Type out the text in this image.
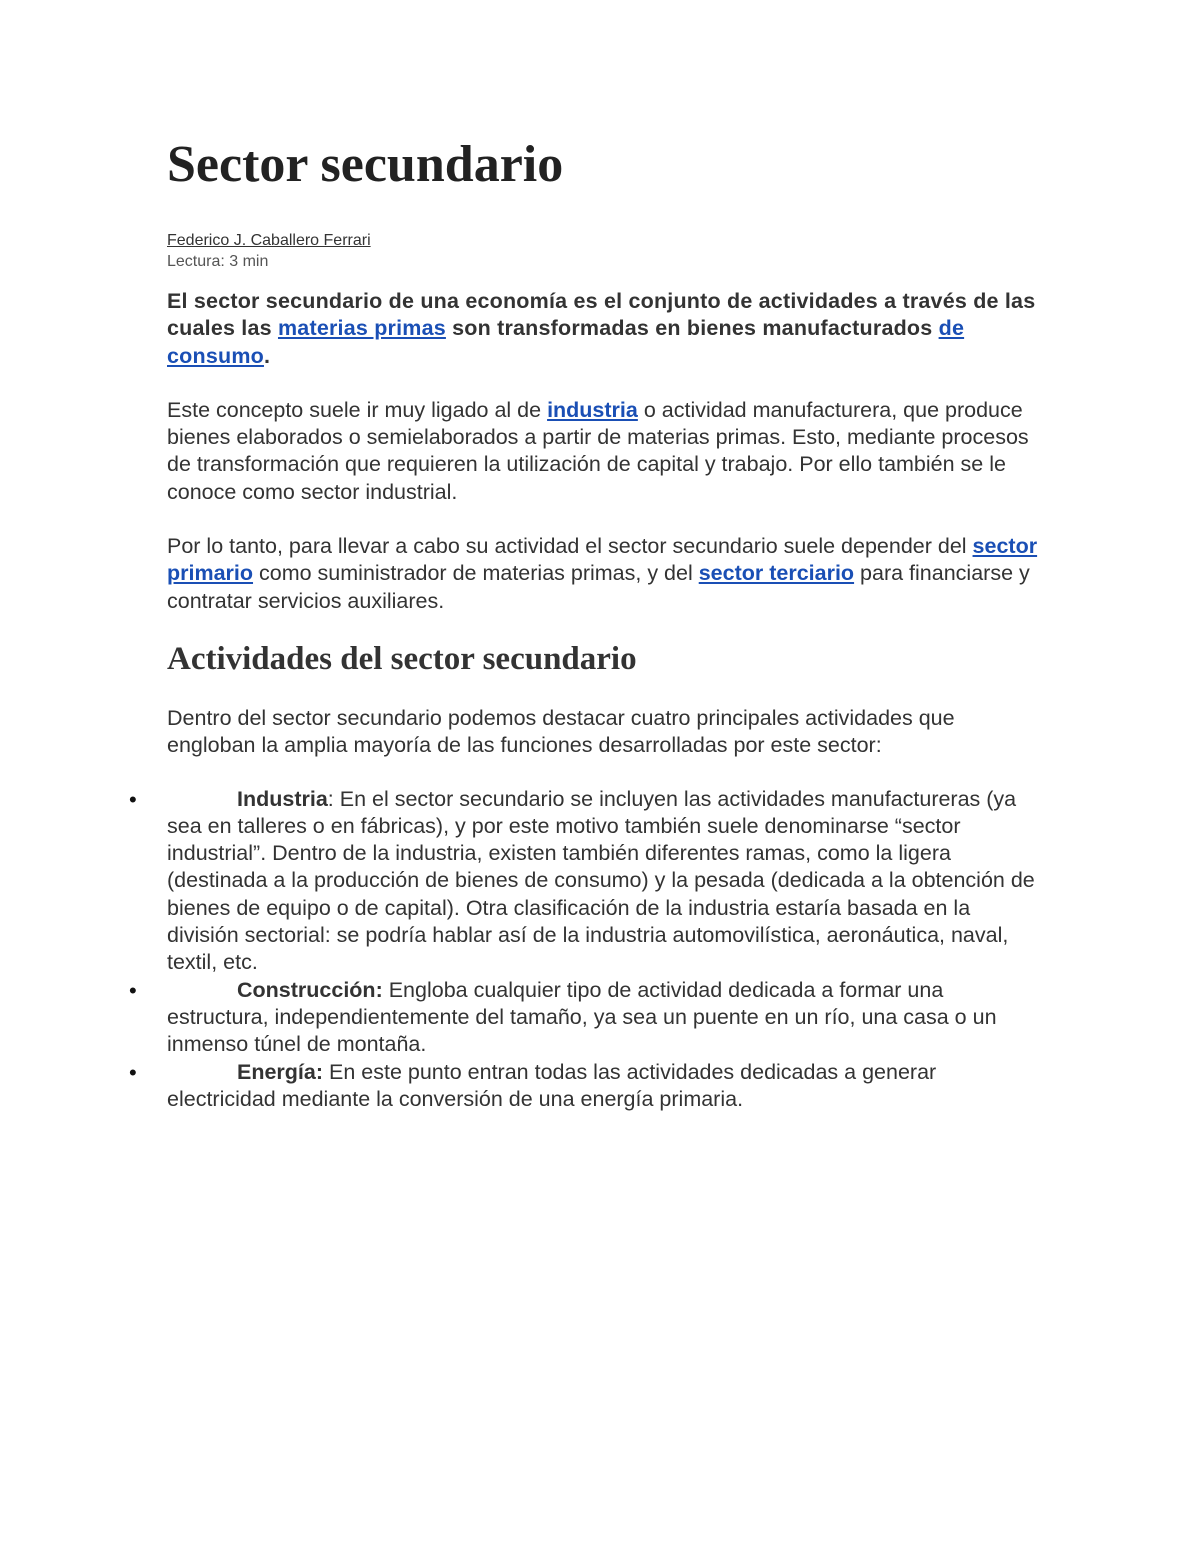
Sector secundario
Federico J. Caballero Ferrari
Lectura: 3 min

El sector secundario de una economía es el conjunto de actividades a través de las cuales las materias primas son transformadas en bienes manufacturados de consumo.

Este concepto suele ir muy ligado al de industria o actividad manufacturera, que produce bienes elaborados o semielaborados a partir de materias primas. Esto, mediante procesos de transformación que requieren la utilización de capital y trabajo. Por ello también se le conoce como sector industrial.

Por lo tanto, para llevar a cabo su actividad el sector secundario suele depender del sector primario como suministrador de materias primas, y del sector terciario para financiarse y contratar servicios auxiliares.

Actividades del sector secundario

Dentro del sector secundario podemos destacar cuatro principales actividades que engloban la amplia mayoría de las funciones desarrolladas por este sector:

•	Industria: En el sector secundario se incluyen las actividades manufactureras (ya sea en talleres o en fábricas), y por este motivo también suele denominarse “sector industrial”. Dentro de la industria, existen también diferentes ramas, como la ligera (destinada a la producción de bienes de consumo) y la pesada (dedicada a la obtención de bienes de equipo o de capital). Otra clasificación de la industria estaría basada en la división sectorial: se podría hablar así de la industria automovilística, aeronáutica, naval, textil, etc.
•	Construcción: Engloba cualquier tipo de actividad dedicada a formar una estructura, independientemente del tamaño, ya sea un puente en un río, una casa o un inmenso túnel de montaña.
•	Energía: En este punto entran todas las actividades dedicadas a generar electricidad mediante la conversión de una energía primaria.
